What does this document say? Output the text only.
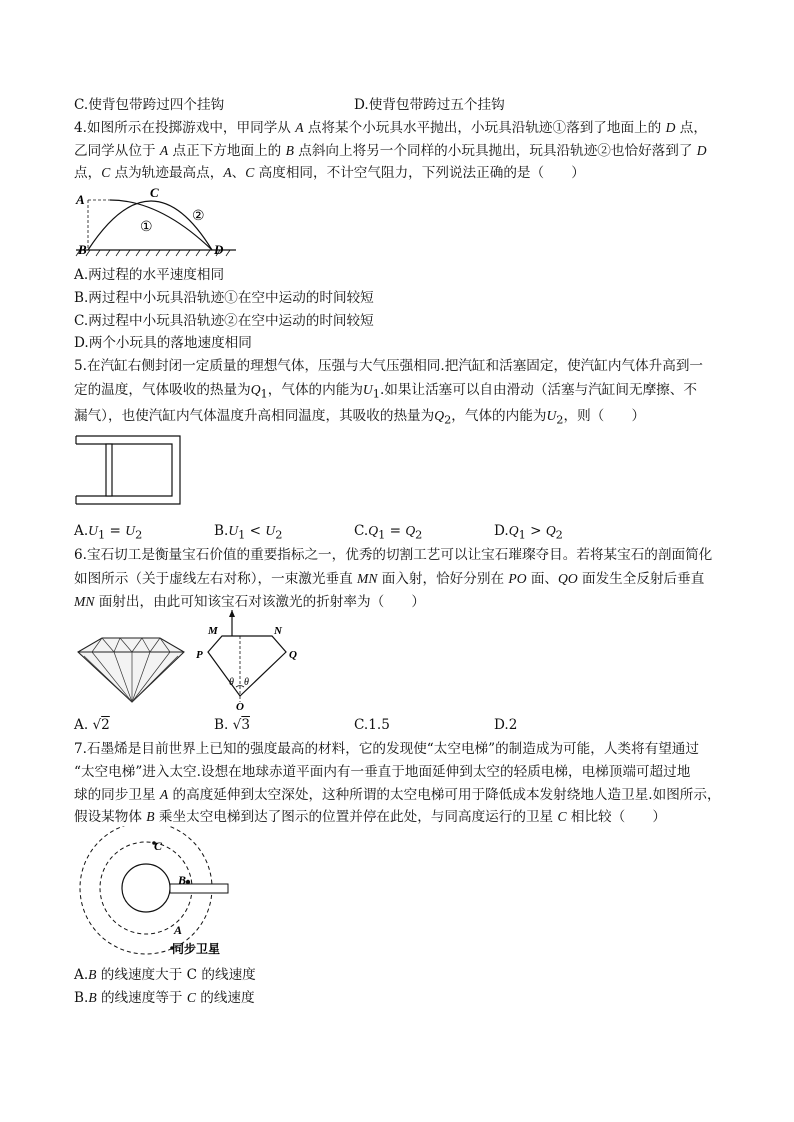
C.使背包带跨过四个挂钩	D.使背包带跨过五个挂钩
4.如图所示在投掷游戏中，甲同学从 A 点将某个小玩具水平抛出，小玩具沿轨迹①落到了地面上的 D 点，
乙同学从位于 A 点正下方地面上的 B 点斜向上将另一个同样的小玩具抛出，玩具沿轨迹②也恰好落到了 D
点，C 点为轨迹最高点，A、C 高度相同，不计空气阻力，下列说法正确的是（　　）
A	C
B	D
①
②
A.两过程的水平速度相同
B.两过程中小玩具沿轨迹①在空中运动的时间较短
C.两过程中小玩具沿轨迹②在空中运动的时间较短
D.两个小玩具的落地速度相同
5.在汽缸右侧封闭一定质量的理想气体，压强与大气压强相同.把汽缸和活塞固定，使汽缸内气体升高到一
定的温度，气体吸收的热量为$Q_1$，气体的内能为$U_1$.如果让活塞可以自由滑动（活塞与汽缸间无摩擦、不
漏气），也使汽缸内气体温度升高相同温度，其吸收的热量为$Q_2$，气体的内能为$U_2$，则（　　）
$A.U_1 = U_2$	$B.U_1 < U_2$	$C.Q_1 = Q_2$	$D.Q_1 > Q_2$
6.宝石切工是衡量宝石价值的重要指标之一，优秀的切割工艺可以让宝石璀璨夺目。若将某宝石的剖面简化
如图所示（关于虚线左右对称），一束激光垂直 MN 面入射，恰好分别在 PO 面、QO 面发生全反射后垂直
MN 面射出，由此可知该宝石对该激光的折射率为（　　）
M	N
P	Q
O
θ θ
A. √2	B. √3	C.1.5	D.2
7.石墨烯是目前世界上已知的强度最高的材料，它的发现使“太空电梯”的制造成为可能，人类将有望通过
“太空电梯”进入太空.设想在地球赤道平面内有一垂直于地面延伸到太空的轻质电梯，电梯顶端可超过地
球的同步卫星 A 的高度延伸到太空深处，这种所谓的太空电梯可用于降低成本发射绕地人造卫星.如图所示，
假设某物体 B 乘坐太空电梯到达了图示的位置并停在此处，与同高度运行的卫星 C 相比较（　　）
B
C
A
同步卫星
A.B 的线速度大于 C 的线速度
B.B 的线速度等于 C 的线速度
